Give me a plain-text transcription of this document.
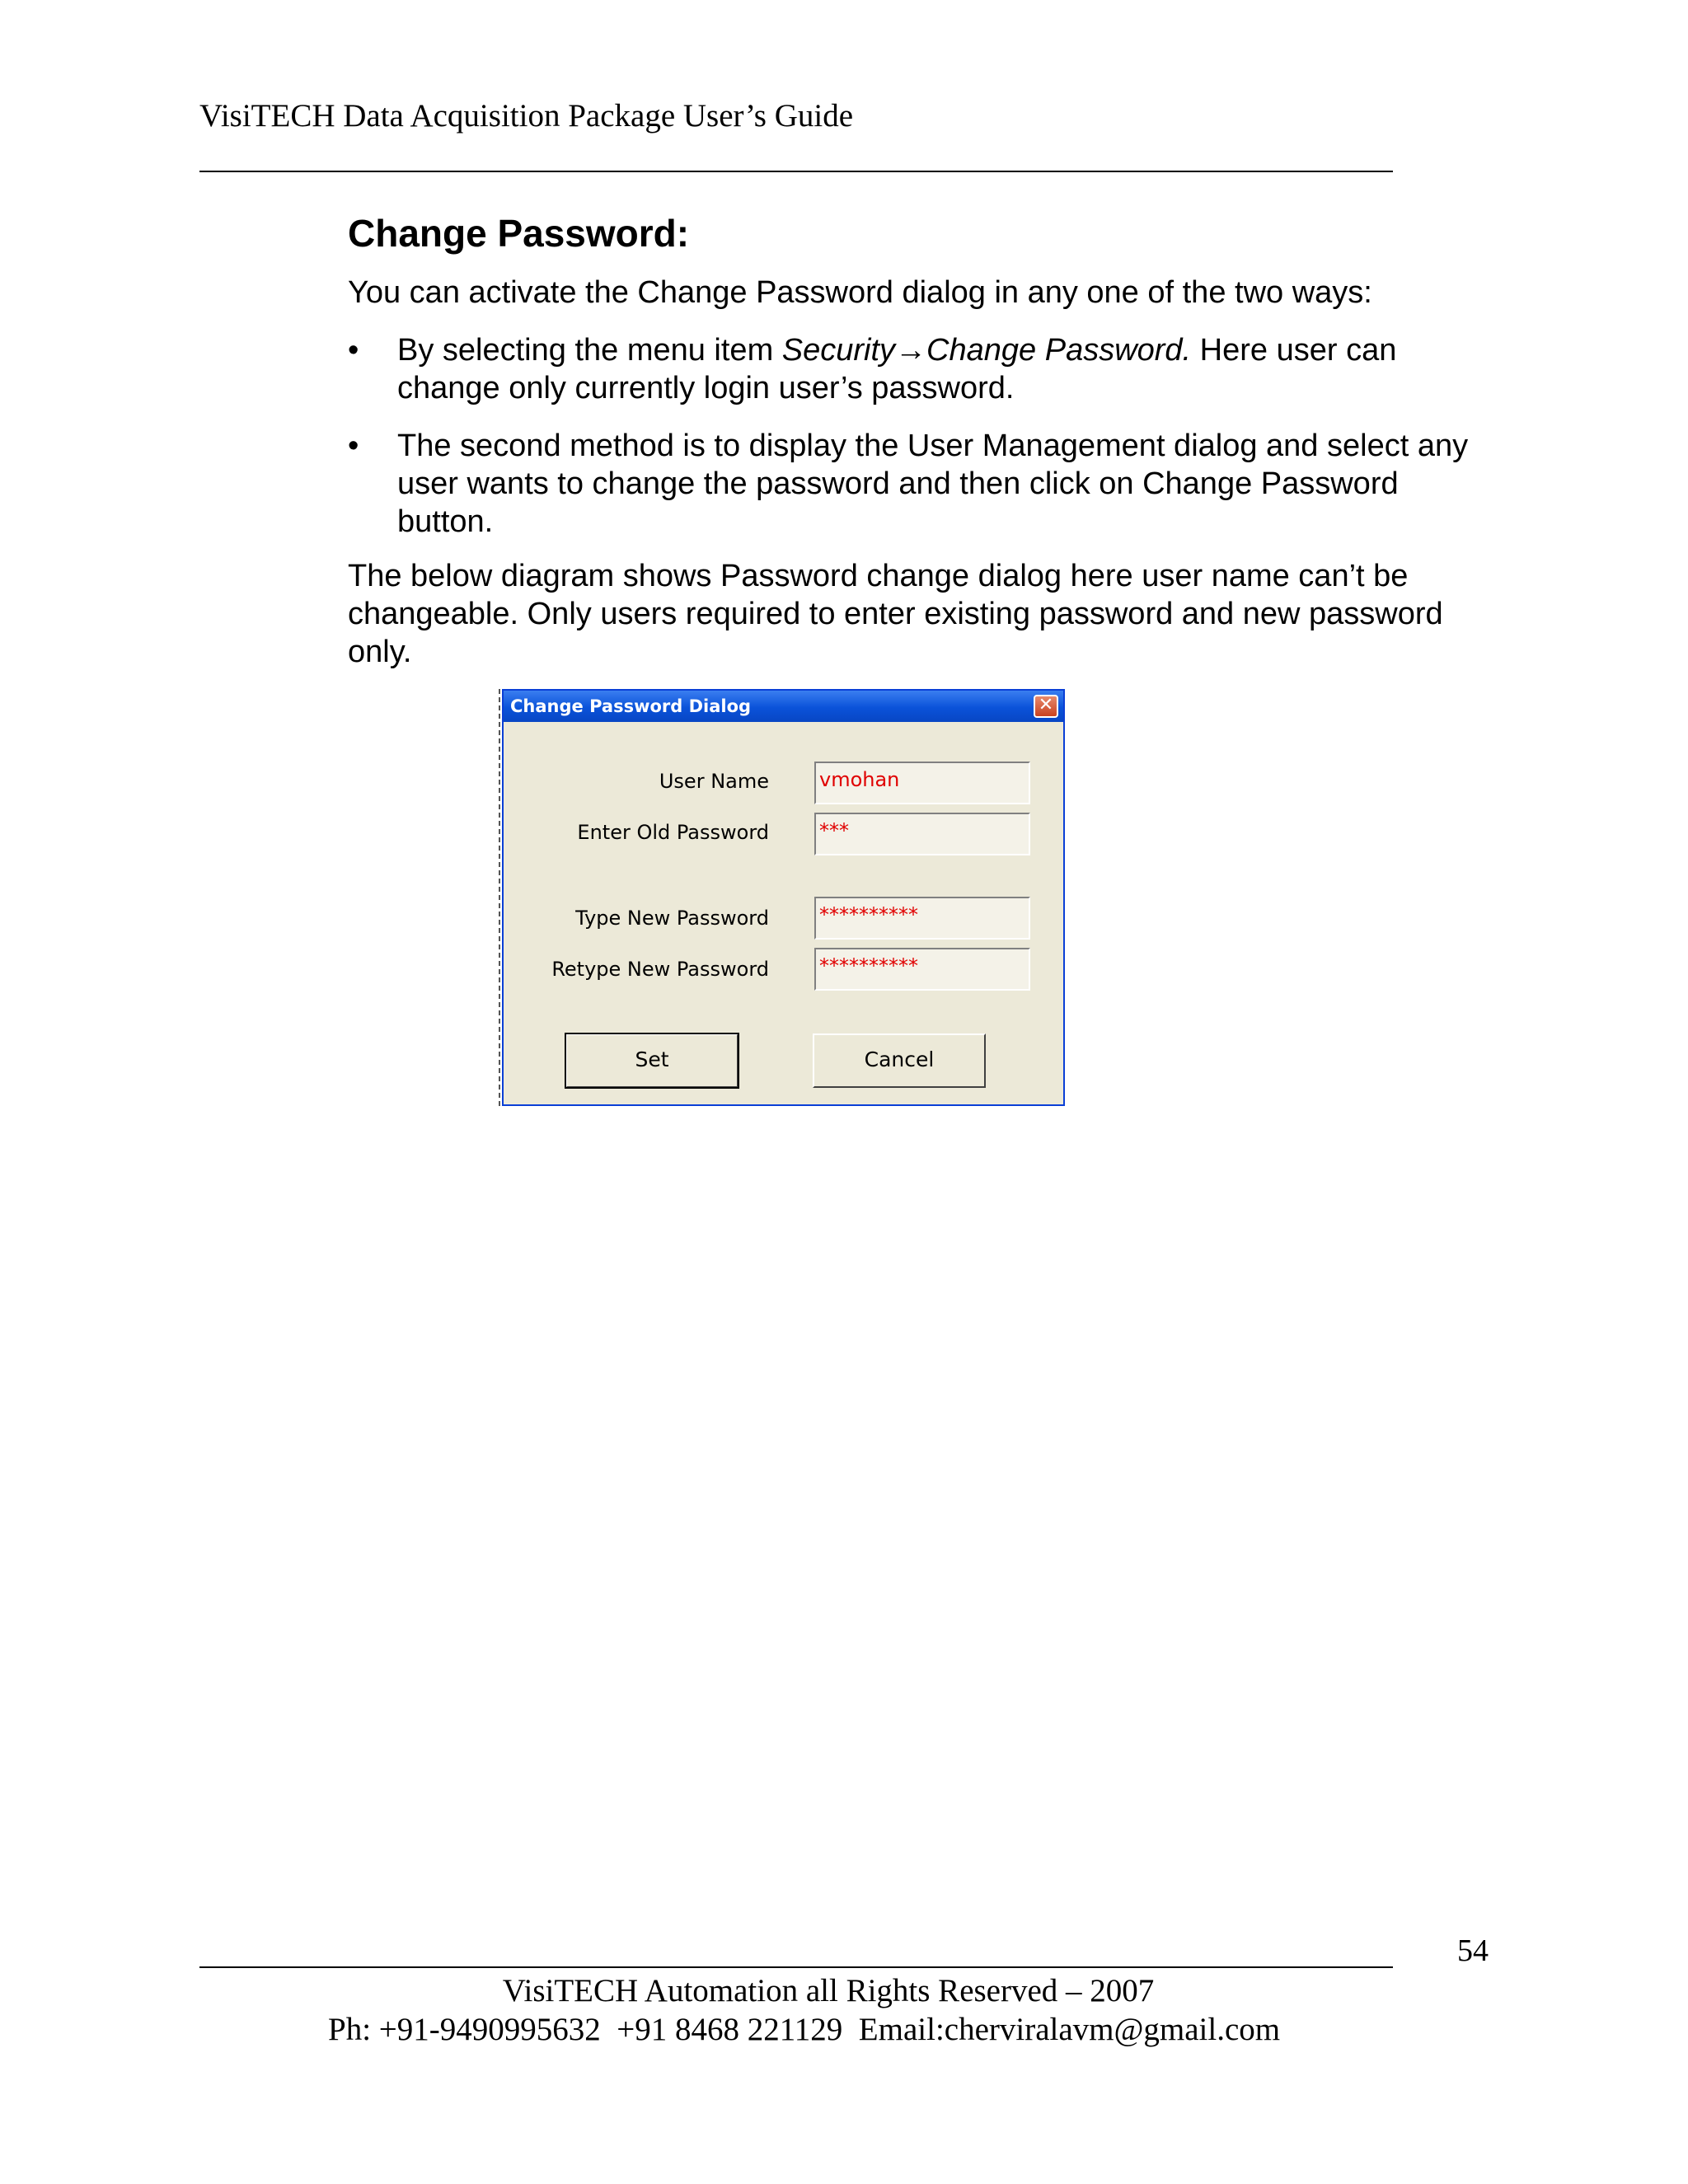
VisiTECH Data Acquisition Package User’s Guide
Change Password:
You can activate the Change Password dialog in any one of the two ways:
•	By selecting the menu item Security→Change Password. Here user can change only currently login user’s password.
•	The second method is to display the User Management dialog and select any user wants to change the password and then click on Change Password button.
The below diagram shows Password change dialog here user name can’t be changeable. Only users required to enter existing password and new password only.
Change Password Dialog	✕
User Name	vmohan
Enter Old Password	***
Type New Password	**********
Retype New Password	**********
Set	Cancel
54
VisiTECH Automation all Rights Reserved – 2007
Ph: +91-9490995632  +91 8468 221129  Email:cherviralavm@gmail.com
